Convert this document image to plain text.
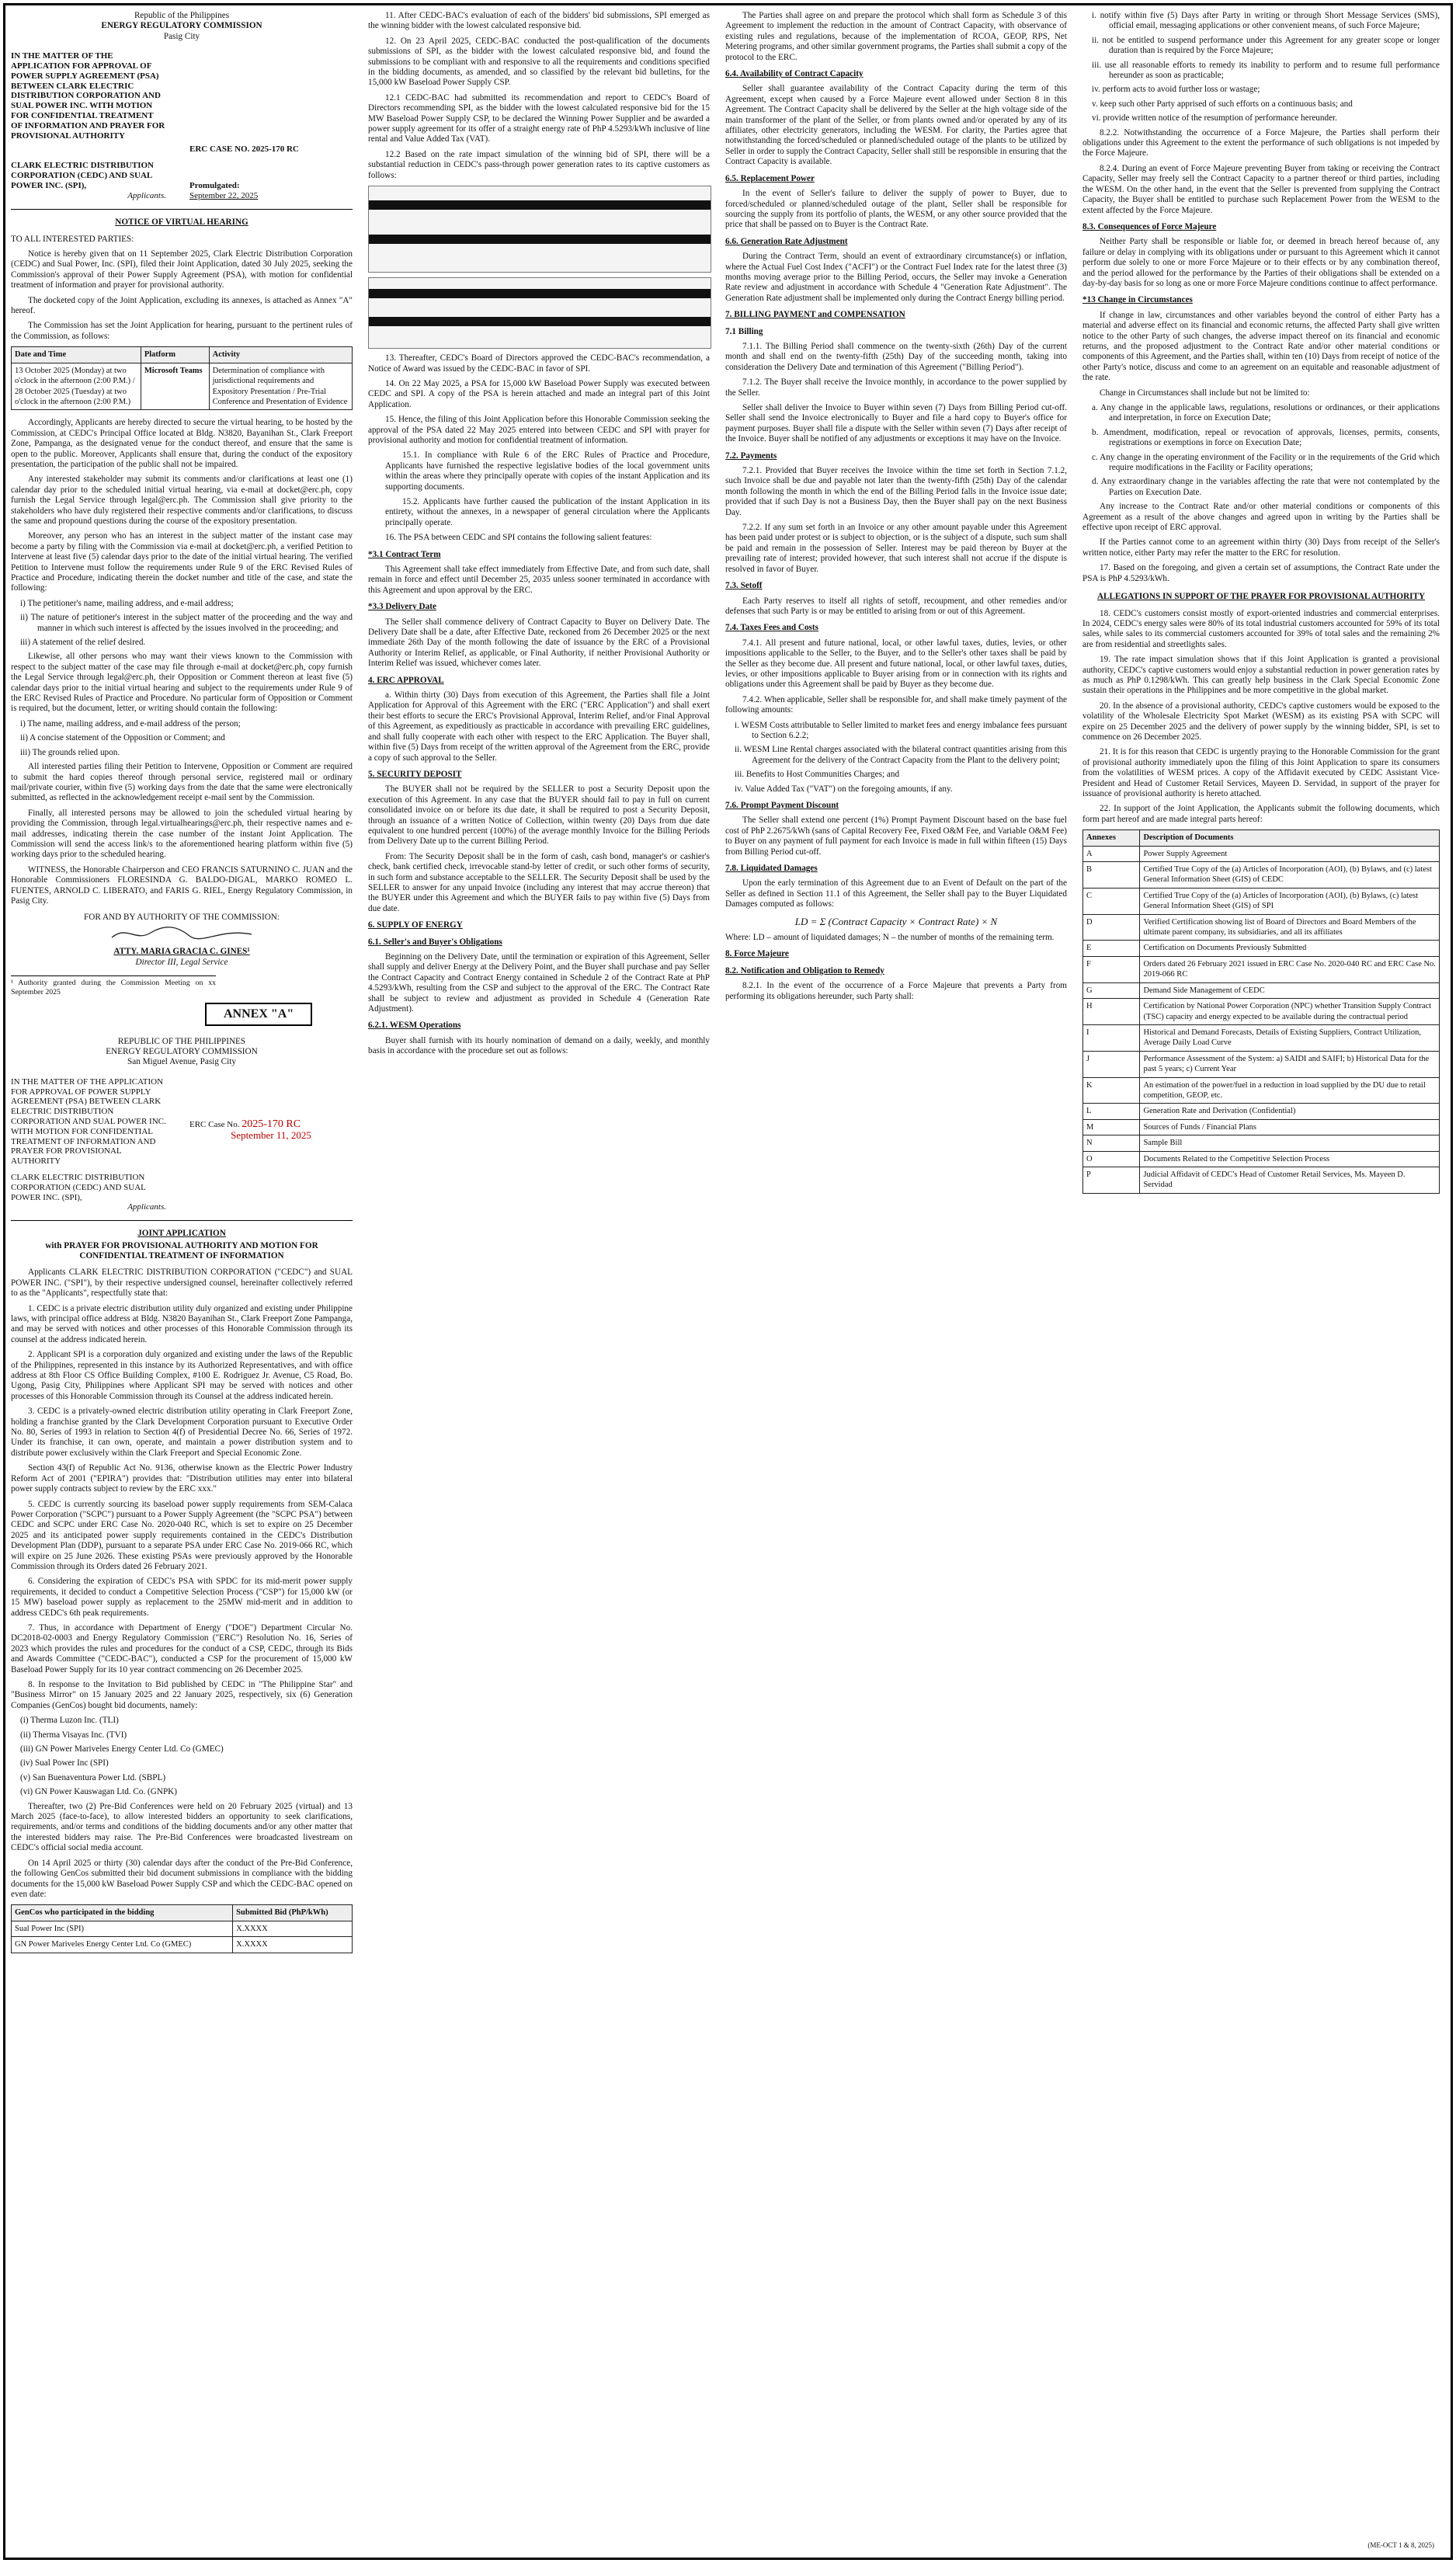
Republic of the Philippines
ENERGY REGULATORY COMMISSION
Pasig City
IN THE MATTER OF THE APPLICATION FOR APPROVAL OF POWER SUPPLY AGREEMENT (PSA) BETWEEN CLARK ELECTRIC DISTRIBUTION CORPORATION AND SUAL POWER INC. WITH MOTION FOR CONFIDENTIAL TREATMENT OF INFORMATION AND PRAYER FOR PROVISIONAL AUTHORITY
ERC CASE NO. 2025-170 RC
CLARK ELECTRIC DISTRIBUTION CORPORATION (CEDC) AND SUAL POWER INC. (SPI),
Applicants.
Promulgated:
September 22, 2025
NOTICE OF VIRTUAL HEARING

TO ALL INTERESTED PARTIES:

Notice is hereby given that on 11 September 2025, Clark Electric Distribution Corporation (CEDC) and Sual Power, Inc. (SPI), filed their Joint Application, dated 30 July 2025, seeking the Commission's approval of their Power Supply Agreement (PSA), with motion for confidential treatment of information and prayer for provisional authority.

The docketed copy of the Joint Application, excluding its annexes, is attached as Annex "A" hereof.

The Commission has set the Joint Application for hearing, pursuant to the pertinent rules of the Commission, as follows:

Date and Time	Platform	Activity
13 October 2025 (Monday) at two o'clock in the afternoon (2:00 P.M.) / 28 October 2025 (Tuesday) at two o'clock in the afternoon (2:00 P.M.)	Microsoft Teams	Determination of compliance with jurisdictional requirements and Expository Presentation / Pre-Trial Conference and Presentation of Evidence

Accordingly, Applicants are hereby directed to secure the virtual hearing, to be hosted by the Commission, at CEDC's Principal Office located at Bldg. N3820, Bayanihan St., Clark Freeport Zone, Pampanga, as the designated venue for the conduct thereof, and ensure that the same is open to the public. Moreover, Applicants shall ensure that, during the conduct of the expository presentation, the participation of the public shall not be impaired.

Any interested stakeholder may submit its comments and/or clarifications at least one (1) calendar day prior to the scheduled initial virtual hearing, via e-mail at docket@erc.ph, copy furnish the Legal Service through legal@erc.ph. The Commission shall give priority to the stakeholders who have duly registered their respective comments and/or clarifications, to discuss the same and propound questions during the course of the expository presentation.

Moreover, any person who has an interest in the subject matter of the instant case may become a party by filing with the Commission via e-mail at docket@erc.ph, a verified Petition to Intervene at least five (5) calendar days prior to the date of the initial virtual hearing. The verified Petition to Intervene must follow the requirements under Rule 9 of the ERC Revised Rules of Practice and Procedure, indicating therein the docket number and title of the case, and state the following:

i) The petitioner's name, mailing address, and e-mail address;
ii) The nature of petitioner's interest in the subject matter of the proceeding and the way and manner in which such interest is affected by the issues involved in the proceeding; and
iii) A statement of the relief desired.

Likewise, all other persons who may want their views known to the Commission with respect to the subject matter of the case may file through e-mail at docket@erc.ph, copy furnish the Legal Service through legal@erc.ph, their Opposition or Comment thereon at least five (5) calendar days prior to the initial virtual hearing and subject to the requirements under Rule 9 of the ERC Revised Rules of Practice and Procedure. No particular form of Opposition or Comment is required, but the document, letter, or writing should contain the following:

i) The name, mailing address, and e-mail address of the person;
ii) A concise statement of the Opposition or Comment; and
iii) The grounds relied upon.

All interested parties filing their Petition to Intervene, Opposition or Comment are required to submit the hard copies thereof through personal service, registered mail or ordinary mail/private courier, within five (5) working days from the date that the same were electronically submitted, as reflected in the acknowledgement receipt e-mail sent by the Commission.

Finally, all interested persons may be allowed to join the scheduled virtual hearing by providing the Commission, through legal.virtualhearings@erc.ph, their respective names and e-mail addresses, indicating therein the case number of the instant Joint Application. The Commission will send the access link/s to the aforementioned hearing platform within five (5) working days prior to the scheduled hearing.

WITNESS, the Honorable Chairperson and CEO FRANCIS SATURNINO C. JUAN and the Honorable Commissioners FLORESINDA G. BALDO-DIGAL, MARKO ROMEO L. FUENTES, ARNOLD C. LIBERATO, and FARIS G. RIEL, Energy Regulatory Commission, in Pasig City.

FOR AND BY AUTHORITY OF THE COMMISSION:
ATTY. MARIA GRACIA C. GINES¹
Director III, Legal Service
¹ Authority granted during the Commission Meeting on xx September 2025
ANNEX "A"
REPUBLIC OF THE PHILIPPINES
ENERGY REGULATORY COMMISSION
San Miguel Avenue, Pasig City
IN THE MATTER OF THE APPLICATION FOR APPROVAL OF POWER SUPPLY AGREEMENT (PSA) BETWEEN CLARK ELECTRIC DISTRIBUTION CORPORATION AND SUAL POWER INC. WITH MOTION FOR CONFIDENTIAL TREATMENT OF INFORMATION AND PRAYER FOR PROVISIONAL AUTHORITY
ERC Case No. 2025-170 RC
September 11, 2025
CLARK ELECTRIC DISTRIBUTION CORPORATION (CEDC) AND SUAL POWER INC. (SPI),
Applicants.
JOINT APPLICATION
with PRAYER FOR PROVISIONAL AUTHORITY AND MOTION FOR CONFIDENTIAL TREATMENT OF INFORMATION

Applicants CLARK ELECTRIC DISTRIBUTION CORPORATION ("CEDC") and SUAL POWER INC. ("SPI"), by their respective undersigned counsel, hereinafter collectively referred to as the "Applicants", respectfully state that:

1. CEDC is a private electric distribution utility duly organized and existing under Philippine laws, with principal office address at Bldg. N3820 Bayanihan St., Clark Freeport Zone Pampanga, and may be served with notices and other processes of this Honorable Commission through its counsel at the address indicated herein.

2. Applicant SPI is a corporation duly organized and existing under the laws of the Republic of the Philippines, represented in this instance by its Authorized Representatives, and with office address at 8th Floor CS Office Building Complex, #100 E. Rodriguez Jr. Avenue, C5 Road, Bo. Ugong, Pasig City, Philippines where Applicant SPI may be served with notices and other processes of this Honorable Commission through its Counsel at the address indicated herein.

3. CEDC is a privately-owned electric distribution utility operating in Clark Freeport Zone, holding a franchise granted by the Clark Development Corporation pursuant to Executive Order No. 80, Series of 1993 in relation to Section 4(f) of Presidential Decree No. 66, Series of 1972. Under its franchise, it can own, operate, and maintain a power distribution system and to distribute power exclusively within the Clark Freeport and Special Economic Zone.

Section 43(f) of Republic Act No. 9136, otherwise known as the Electric Power Industry Reform Act of 2001 ("EPIRA") provides that: "Distribution utilities may enter into bilateral power supply contracts subject to review by the ERC xxx."

5. CEDC is currently sourcing its baseload power supply requirements from SEM-Calaca Power Corporation ("SCPC") pursuant to a Power Supply Agreement (the "SCPC PSA") between CEDC and SCPC under ERC Case No. 2020-040 RC, which is set to expire on 25 December 2025 and its anticipated power supply requirements contained in the CEDC's Distribution Development Plan (DDP), pursuant to a separate PSA under ERC Case No. 2019-066 RC, which will expire on 25 June 2026. These existing PSAs were previously approved by the Honorable Commission through its Orders dated 26 February 2021.

6. Considering the expiration of CEDC's PSA with SPDC for its mid-merit power supply requirements, it decided to conduct a Competitive Selection Process ("CSP") for 15,000 kW (or 15 MW) baseload power supply as replacement to the 25MW mid-merit and in addition to address CEDC's 6th peak requirements.

7. Thus, in accordance with Department of Energy ("DOE") Department Circular No. DC2018-02-0003 and Energy Regulatory Commission ("ERC") Resolution No. 16, Series of 2023 which provides the rules and procedures for the conduct of a CSP, CEDC, through its Bids and Awards Committee ("CEDC-BAC"), conducted a CSP for the procurement of 15,000 kW Baseload Power Supply for its 10 year contract commencing on 26 December 2025.

8. In response to the Invitation to Bid published by CEDC in "The Philippine Star" and "Business Mirror" on 15 January 2025 and 22 January 2025, respectively, six (6) Generation Companies (GenCos) bought bid documents, namely:

(i) Therma Luzon Inc. (TLI)
(ii) Therma Visayas Inc. (TVI)
(iii) GN Power Mariveles Energy Center Ltd. Co (GMEC)
(iv) Sual Power Inc (SPI)
(v) San Buenaventura Power Ltd. (SBPL)
(vi) GN Power Kauswagan Ltd. Co. (GNPK)

Thereafter, two (2) Pre-Bid Conferences were held on 20 February 2025 (virtual) and 13 March 2025 (face-to-face), to allow interested bidders an opportunity to seek clarifications, requirements, and/or terms and conditions of the bidding documents and/or any other matter that the interested bidders may raise. The Pre-Bid Conferences were broadcasted livestream on CEDC's official social media account.

On 14 April 2025 or thirty (30) calendar days after the conduct of the Pre-Bid Conference, the following GenCos submitted their bid document submissions in compliance with the bidding documents for the 15,000 kW Baseload Power Supply CSP and which the CEDC-BAC opened on even date:

GenCos who participated in the bidding	Submitted Bid (PhP/kWh)
Sual Power Inc (SPI)	X.XXXX
GN Power Mariveles Energy Center Ltd. Co (GMEC)	X.XXXX

11. After CEDC-BAC's evaluation of each of the bidders' bid submissions, SPI emerged as the winning bidder with the lowest calculated responsive bid.

12. On 23 April 2025, CEDC-BAC conducted the post-qualification of the documents submissions of SPI, as the bidder with the lowest calculated responsive bid, and found the submissions to be compliant with and responsive to all the requirements and conditions specified in the bidding documents, as amended, and so classified by the relevant bid bulletins, for the 15,000 kW Baseload Power Supply CSP.

12.1 CEDC-BAC had submitted its recommendation and report to CEDC's Board of Directors recommending SPI, as the bidder with the lowest calculated responsive bid for the 15 MW Baseload Power Supply CSP, to be declared the Winning Power Supplier and be awarded a power supply agreement for its offer of a straight energy rate of PhP 4.5293/kWh inclusive of line rental and Value Added Tax (VAT).

12.2 Based on the rate impact simulation of the winning bid of SPI, there will be a substantial reduction in CEDC's pass-through power generation rates to its captive customers as follows:

13. Thereafter, CEDC's Board of Directors approved the CEDC-BAC's recommendation, a Notice of Award was issued by the CEDC-BAC in favor of SPI.

14. On 22 May 2025, a PSA for 15,000 kW Baseload Power Supply was executed between CEDC and SPI. A copy of the PSA is herein attached and made an integral part of this Joint Application.

15. Hence, the filing of this Joint Application before this Honorable Commission seeking the approval of the PSA dated 22 May 2025 entered into between CEDC and SPI with prayer for provisional authority and motion for confidential treatment of information.

15.1. In compliance with Rule 6 of the ERC Rules of Practice and Procedure, Applicants have furnished the respective legislative bodies of the local government units within the areas where they principally operate with copies of the instant Application and its supporting documents.

15.2. Applicants have further caused the publication of the instant Application in its entirety, without the annexes, in a newspaper of general circulation where the Applicants principally operate.

16. The PSA between CEDC and SPI contains the following salient features:

*3.1 Contract Term

This Agreement shall take effect immediately from Effective Date, and from such date, shall remain in force and effect until December 25, 2035 unless sooner terminated in accordance with this Agreement and upon approval by the ERC.

*3.3 Delivery Date

The Seller shall commence delivery of Contract Capacity to Buyer on Delivery Date. The Delivery Date shall be a date, after Effective Date, reckoned from 26 December 2025 or the next immediate 26th Day of the month following the date of issuance by the ERC of a Provisional Authority or Interim Relief, as applicable, or Final Authority, if neither Provisional Authority or Interim Relief was issued, whichever comes later.

4. ERC APPROVAL

a. Within thirty (30) Days from execution of this Agreement, the Parties shall file a Joint Application for Approval of this Agreement with the ERC ("ERC Application") and shall exert their best efforts to secure the ERC's Provisional Approval, Interim Relief, and/or Final Approval of this Agreement, as expeditiously as practicable in accordance with prevailing ERC guidelines, and shall fully cooperate with each other with respect to the ERC Application. The Buyer shall, within five (5) Days from receipt of the written approval of the Agreement from the ERC, provide a copy of such approval to the Seller.

5. SECURITY DEPOSIT

The BUYER shall not be required by the SELLER to post a Security Deposit upon the execution of this Agreement. In any case that the BUYER should fail to pay in full on current consolidated invoice on or before its due date, it shall be required to post a Security Deposit, through an issuance of a written Notice of Collection, within twenty (20) Days from due date equivalent to one hundred percent (100%) of the average monthly Invoice for the Billing Periods from Delivery Date up to the current Billing Period.

From: The Security Deposit shall be in the form of cash, cash bond, manager's or cashier's check, bank certified check, irrevocable stand-by letter of credit, or such other forms of security, in such form and substance acceptable to the SELLER. The Security Deposit shall be used by the SELLER to answer for any unpaid Invoice (including any interest that may accrue thereon) that the BUYER under this Agreement and which the BUYER fails to pay within five (5) Days from due date.

6. SUPPLY OF ENERGY
6.1. Seller's and Buyer's Obligations

Beginning on the Delivery Date, until the termination or expiration of this Agreement, Seller shall supply and deliver Energy at the Delivery Point, and the Buyer shall purchase and pay Seller the Contract Capacity and Contract Energy contained in Schedule 2 of the Contract Rate at PhP 4.5293/kWh, resulting from the CSP and subject to the approval of the ERC. The Contract Rate shall be subject to review and adjustment as provided in Schedule 4 (Generation Rate Adjustment).

6.2.1. WESM Operations

Buyer shall furnish with its hourly nomination of demand on a daily, weekly, and monthly basis in accordance with the procedure set out as follows:

The Parties shall agree on and prepare the protocol which shall form as Schedule 3 of this Agreement to implement the reduction in the amount of Contract Capacity, with observance of existing rules and regulations, because of the implementation of RCOA, GEOP, RPS, Net Metering programs, and other similar government programs, the Parties shall submit a copy of the protocol to the ERC.

6.4. Availability of Contract Capacity

Seller shall guarantee availability of the Contract Capacity during the term of this Agreement, except when caused by a Force Majeure event allowed under Section 8 in this Agreement. The Contract Capacity shall be delivered by the Seller at the high voltage side of the main transformer of the plant of the Seller, or from plants owned and/or operated by any of its affiliates, other electricity generators, including the WESM. For clarity, the Parties agree that notwithstanding the forced/scheduled or planned/scheduled outage of the plants to be utilized by Seller in order to supply the Contract Capacity, Seller shall still be responsible in ensuring that the Contract Capacity is available.

6.5. Replacement Power

In the event of Seller's failure to deliver the supply of power to Buyer, due to forced/scheduled or planned/scheduled outage of the plant, Seller shall be responsible for sourcing the supply from its portfolio of plants, the WESM, or any other source provided that the price that shall be passed on to Buyer is the Contract Rate.

6.6. Generation Rate Adjustment

During the Contract Term, should an event of extraordinary circumstance(s) or inflation, where the Actual Fuel Cost Index ("ACFI") or the Contract Fuel Index rate for the latest three (3) months moving average prior to the Billing Period, occurs, the Seller may invoke a Generation Rate review and adjustment in accordance with Schedule 4 "Generation Rate Adjustment". The Generation Rate adjustment shall be implemented only during the Contract Energy billing period.

7. BILLING PAYMENT and COMPENSATION
7.1 Billing

7.1.1. The Billing Period shall commence on the twenty-sixth (26th) Day of the current month and shall end on the twenty-fifth (25th) Day of the succeeding month, taking into consideration the Delivery Date and termination of this Agreement ("Billing Period").

7.1.2. The Buyer shall receive the Invoice monthly, in accordance to the power supplied by the Seller.

Seller shall deliver the Invoice to Buyer within seven (7) Days from Billing Period cut-off. Seller shall send the Invoice electronically to Buyer and file a hard copy to Buyer's office for payment purposes. Buyer shall file a dispute with the Seller within seven (7) Days after receipt of the Invoice. Buyer shall be notified of any adjustments or exceptions it may have on the Invoice.

7.2. Payments

7.2.1. Provided that Buyer receives the Invoice within the time set forth in Section 7.1.2, such Invoice shall be due and payable not later than the twenty-fifth (25th) Day of the calendar month following the month in which the end of the Billing Period falls in the Invoice issue date; provided that if such Day is not a Business Day, then the Buyer shall pay on the next Business Day.

7.2.2. If any sum set forth in an Invoice or any other amount payable under this Agreement has been paid under protest or is subject to objection, or is the subject of a dispute, such sum shall be paid and remain in the possession of Seller. Interest may be paid thereon by Buyer at the prevailing rate of interest; provided however, that such interest shall not accrue if the dispute is resolved in favor of Buyer.

7.3. Setoff

Each Party reserves to itself all rights of setoff, recoupment, and other remedies and/or defenses that such Party is or may be entitled to arising from or out of this Agreement.

7.4. Taxes Fees and Costs

7.4.1. All present and future national, local, or other lawful taxes, duties, levies, or other impositions applicable to the Seller, to the Buyer, and to the Seller's other taxes shall be paid by the Seller as they become due. All present and future national, local, or other lawful taxes, duties, levies, or other impositions applicable to Buyer arising from or in connection with its rights and obligations under this Agreement shall be paid by Buyer as they become due.

7.4.2. When applicable, Seller shall be responsible for, and shall make timely payment of the following amounts:

i. WESM Costs attributable to Seller limited to market fees and energy imbalance fees pursuant to Section 6.2.2;
ii. WESM Line Rental charges associated with the bilateral contract quantities arising from this Agreement for the delivery of the Contract Capacity from the Plant to the delivery point;
iii. Benefits to Host Communities Charges; and
iv. Value Added Tax ("VAT") on the foregoing amounts, if any.
7.6. Prompt Payment Discount

The Seller shall extend one percent (1%) Prompt Payment Discount based on the base fuel cost of PhP 2.2675/kWh (sans of Capital Recovery Fee, Fixed O&M Fee, and Variable O&M Fee) to Buyer on any payment of full payment for each Invoice is made in full within fifteen (15) Days from Billing Period cut-off.

7.8. Liquidated Damages

Upon the early termination of this Agreement due to an Event of Default on the part of the Seller as defined in Section 11.1 of this Agreement, the Seller shall pay to the Buyer Liquidated Damages computed as follows:

LD = Σ (Contract Capacity × Contract Rate) × N

Where: LD – amount of liquidated damages; N – the number of months of the remaining term.

8. Force Majeure
8.2. Notification and Obligation to Remedy

8.2.1. In the event of the occurrence of a Force Majeure that prevents a Party from performing its obligations hereunder, such Party shall:

i. notify within five (5) Days after Party in writing or through Short Message Services (SMS), official email, messaging applications or other convenient means, of such Force Majeure;
ii. not be entitled to suspend performance under this Agreement for any greater scope or longer duration than is required by the Force Majeure;
iii. use all reasonable efforts to remedy its inability to perform and to resume full performance hereunder as soon as practicable;
iv. perform acts to avoid further loss or wastage;
v. keep such other Party apprised of such efforts on a continuous basis; and
vi. provide written notice of the resumption of performance hereunder.

8.2.2. Notwithstanding the occurrence of a Force Majeure, the Parties shall perform their obligations under this Agreement to the extent the performance of such obligations is not impeded by the Force Majeure.

8.2.4. During an event of Force Majeure preventing Buyer from taking or receiving the Contract Capacity, Seller may freely sell the Contract Capacity to a partner thereof or third parties, including the WESM. On the other hand, in the event that the Seller is prevented from supplying the Contract Capacity, the Buyer shall be entitled to purchase such Replacement Power from the WESM to the extent affected by the Force Majeure.

8.3. Consequences of Force Majeure

Neither Party shall be responsible or liable for, or deemed in breach hereof because of, any failure or delay in complying with its obligations under or pursuant to this Agreement which it cannot perform due solely to one or more Force Majeure or to their effects or by any combination thereof, and the period allowed for the performance by the Parties of their obligations shall be extended on a day-by-day basis for so long as one or more Force Majeure conditions continue to affect performance.

*13 Change in Circumstances

If change in law, circumstances and other variables beyond the control of either Party has a material and adverse effect on its financial and economic returns, the affected Party shall give written notice to the other Party of such changes, the adverse impact thereof on its financial and economic returns, and the proposed adjustment to the Contract Rate and/or other material conditions or components of this Agreement, and the Parties shall, within ten (10) Days from receipt of notice of the other Party's notice, discuss and come to an agreement on an equitable and reasonable adjustment of the rate.

Change in Circumstances shall include but not be limited to:

a. Any change in the applicable laws, regulations, resolutions or ordinances, or their applications and interpretation, in force on Execution Date;
b. Amendment, modification, repeal or revocation of approvals, licenses, permits, consents, registrations or exemptions in force on Execution Date;
c. Any change in the operating environment of the Facility or in the requirements of the Grid which require modifications in the Facility or Facility operations;
d. Any extraordinary change in the variables affecting the rate that were not contemplated by the Parties on Execution Date.

Any increase to the Contract Rate and/or other material conditions or components of this Agreement as a result of the above changes and agreed upon in writing by the Parties shall be effective upon receipt of ERC approval.

If the Parties cannot come to an agreement within thirty (30) Days from receipt of the Seller's written notice, either Party may refer the matter to the ERC for resolution.

17. Based on the foregoing, and given a certain set of assumptions, the Contract Rate under the PSA is PhP 4.5293/kWh.

ALLEGATIONS IN SUPPORT OF THE PRAYER FOR PROVISIONAL AUTHORITY

18. CEDC's customers consist mostly of export-oriented industries and commercial enterprises. In 2024, CEDC's energy sales were 80% of its total industrial customers accounted for 59% of its total sales, while sales to its commercial customers accounted for 39% of total sales and the remaining 2% are from residential and streetlights sales.

19. The rate impact simulation shows that if this Joint Application is granted a provisional authority, CEDC's captive customers would enjoy a substantial reduction in power generation rates by as much as PhP 0.1298/kWh. This can greatly help business in the Clark Special Economic Zone sustain their operations in the Philippines and be more competitive in the global market.

20. In the absence of a provisional authority, CEDC's captive customers would be exposed to the volatility of the Wholesale Electricity Spot Market (WESM) as its existing PSA with SCPC will expire on 25 December 2025 and the delivery of power supply by the winning bidder, SPI, is set to commence on 26 December 2025.

21. It is for this reason that CEDC is urgently praying to the Honorable Commission for the grant of provisional authority immediately upon the filing of this Joint Application to spare its consumers from the volatilities of WESM prices. A copy of the Affidavit executed by CEDC Assistant Vice-President and Head of Customer Retail Services, Mayeen D. Servidad, in support of the prayer for issuance of provisional authority is hereto attached.

22. In support of the Joint Application, the Applicants submit the following documents, which form part hereof and are made integral parts hereof:

Annexes	Description of Documents
A	Power Supply Agreement
B	Certified True Copy of the (a) Articles of Incorporation (AOI), (b) Bylaws, and (c) latest General Information Sheet (GIS) of CEDC
C	Certified True Copy of the (a) Articles of Incorporation (AOI), (b) Bylaws, (c) latest General Information Sheet (GIS) of SPI
D	Verified Certification showing list of Board of Directors and Board Members of the ultimate parent company, its subsidiaries, and all its affiliates
E	Certification on Documents Previously Submitted
F	Orders dated 26 February 2021 issued in ERC Case No. 2020-040 RC and ERC Case No. 2019-066 RC
G	Demand Side Management of CEDC
H	Certification by National Power Corporation (NPC) whether Transition Supply Contract (TSC) capacity and energy expected to be available during the contractual period
I	Historical and Demand Forecasts, Details of Existing Suppliers, Contract Utilization, Average Daily Load Curve
J	Performance Assessment of the System: a) SAIDI and SAIFI; b) Historical Data for the past 5 years; c) Current Year
K	An estimation of the power/fuel in a reduction in load supplied by the DU due to retail competition, GEOP, etc.
L	Generation Rate and Derivation (Confidential)
M	Sources of Funds / Financial Plans
N	Sample Bill
O	Documents Related to the Competitive Selection Process
P	Judicial Affidavit of CEDC's Head of Customer Retail Services, Ms. Mayeen D. Servidad
(ME-OCT 1 & 8, 2025)
